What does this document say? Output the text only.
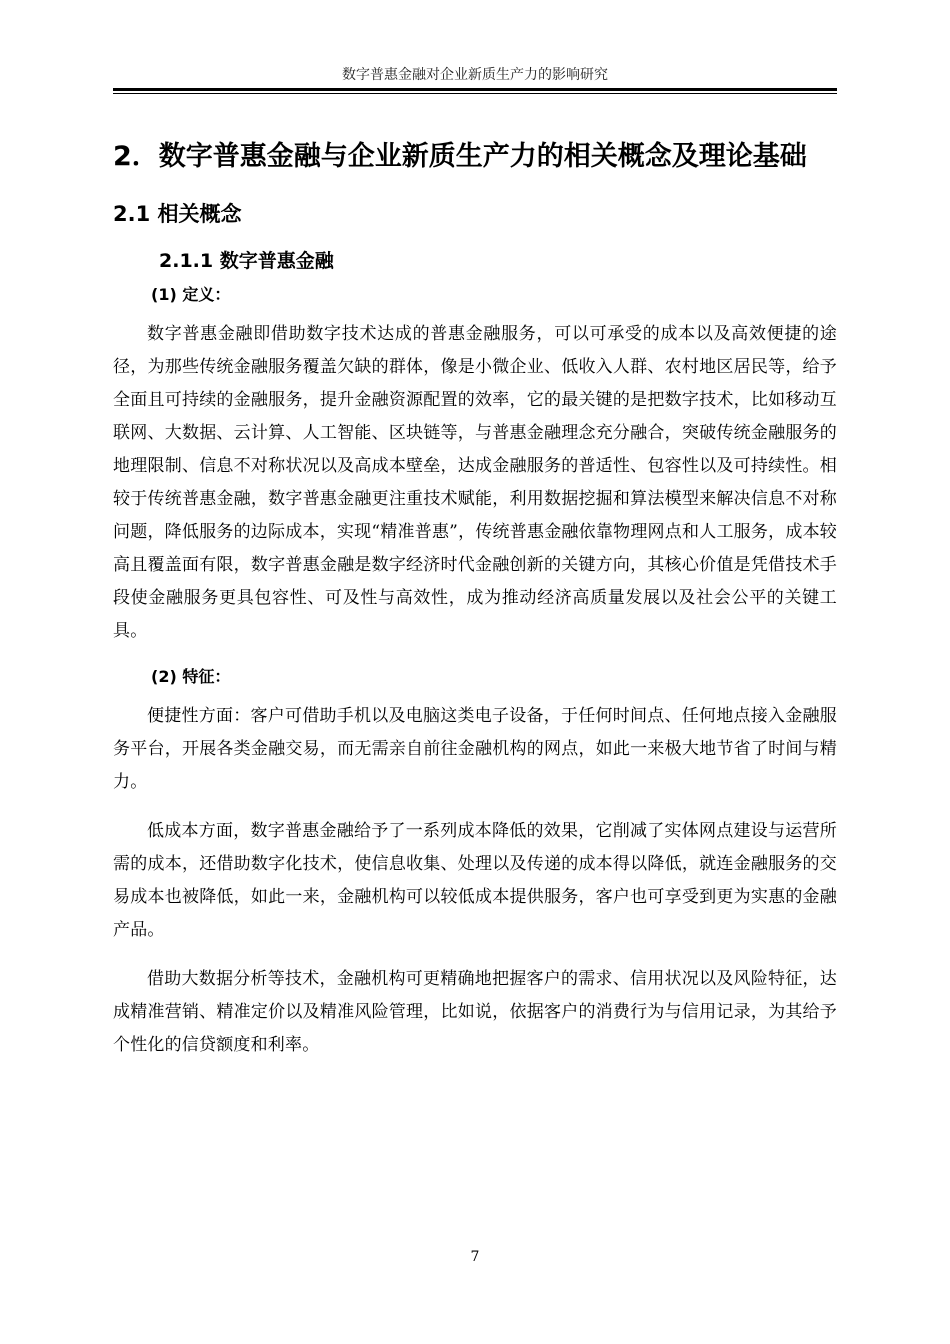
数字普惠金融对企业新质生产力的影响研究
2．数字普惠金融与企业新质生产力的相关概念及理论基础
2.1 相关概念
2.1.1 数字普惠金融
(1) 定义：

数字普惠金融即借助数字技术达成的普惠金融服务，可以可承受的成本以及高效便捷的途径，为那些传统金融服务覆盖欠缺的群体，像是小微企业、低收入人群、农村地区居民等，给予全面且可持续的金融服务，提升金融资源配置的效率，它的最关键的是把数字技术，比如移动互联网、大数据、云计算、人工智能、区块链等，与普惠金融理念充分融合，突破传统金融服务的地理限制、信息不对称状况以及高成本壁垒，达成金融服务的普适性、包容性以及可持续性。相较于传统普惠金融，数字普惠金融更注重技术赋能，利用数据挖掘和算法模型来解决信息不对称问题，降低服务的边际成本，实现“精准普惠”，传统普惠金融依靠物理网点和人工服务，成本较高且覆盖面有限，数字普惠金融是数字经济时代金融创新的关键方向，其核心价值是凭借技术手段使金融服务更具包容性、可及性与高效性，成为推动经济高质量发展以及社会公平的关键工具。

(2) 特征：

便捷性方面：客户可借助手机以及电脑这类电子设备，于任何时间点、任何地点接入金融服务平台，开展各类金融交易，而无需亲自前往金融机构的网点，如此一来极大地节省了时间与精力。

低成本方面，数字普惠金融给予了一系列成本降低的效果，它削减了实体网点建设与运营所需的成本，还借助数字化技术，使信息收集、处理以及传递的成本得以降低，就连金融服务的交易成本也被降低，如此一来，金融机构可以较低成本提供服务，客户也可享受到更为实惠的金融产品。

借助大数据分析等技术，金融机构可更精确地把握客户的需求、信用状况以及风险特征，达成精准营销、精准定价以及精准风险管理，比如说，依据客户的消费行为与信用记录，为其给予个性化的信贷额度和利率。

7
